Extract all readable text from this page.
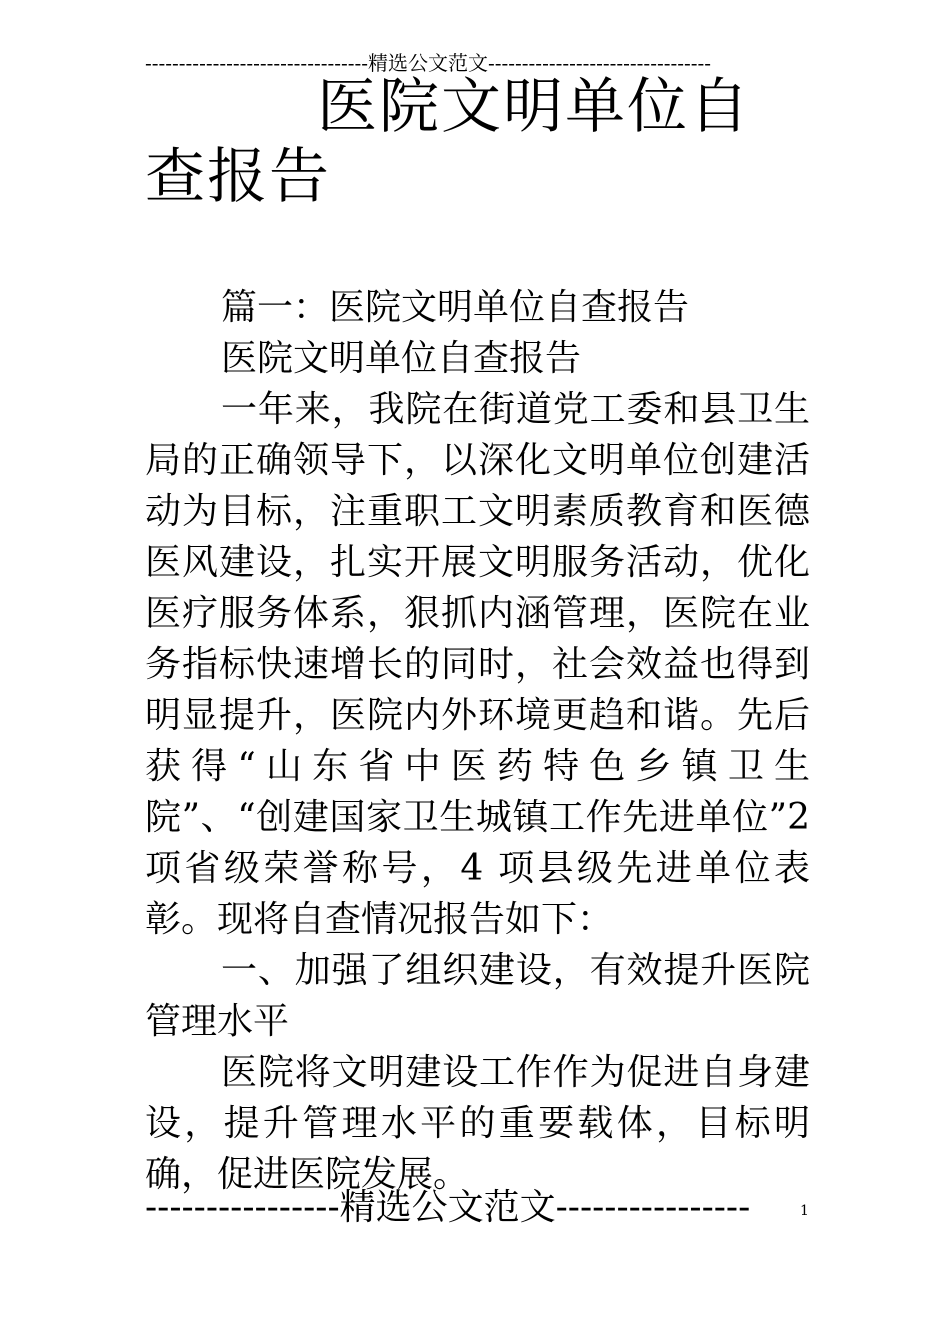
---------------------------------精选公文范文---------------------------------
医院文明单位自查报告

篇一：医院文明单位自查报告

医院文明单位自查报告

一年来，我院在街道党工委和县卫生局的正确领导下，以深化文明单位创建活动为目标，注重职工文明素质教育和医德医风建设，扎实开展文明服务活动，优化医疗服务体系，狠抓内涵管理，医院在业务指标快速增长的同时，社会效益也得到明显提升，医院内外环境更趋和谐。先后获得“山东省中医药特色乡镇卫生院”、“创建国家卫生城镇工作先进单位”2 项省级荣誉称号，4 项县级先进单位表彰。现将自查情况报告如下：

一、加强了组织建设，有效提升医院管理水平

医院将文明建设工作作为促进自身建设，提升管理水平的重要载体，目标明确，促进医院发展。

----------------精选公文范文----------------	1
